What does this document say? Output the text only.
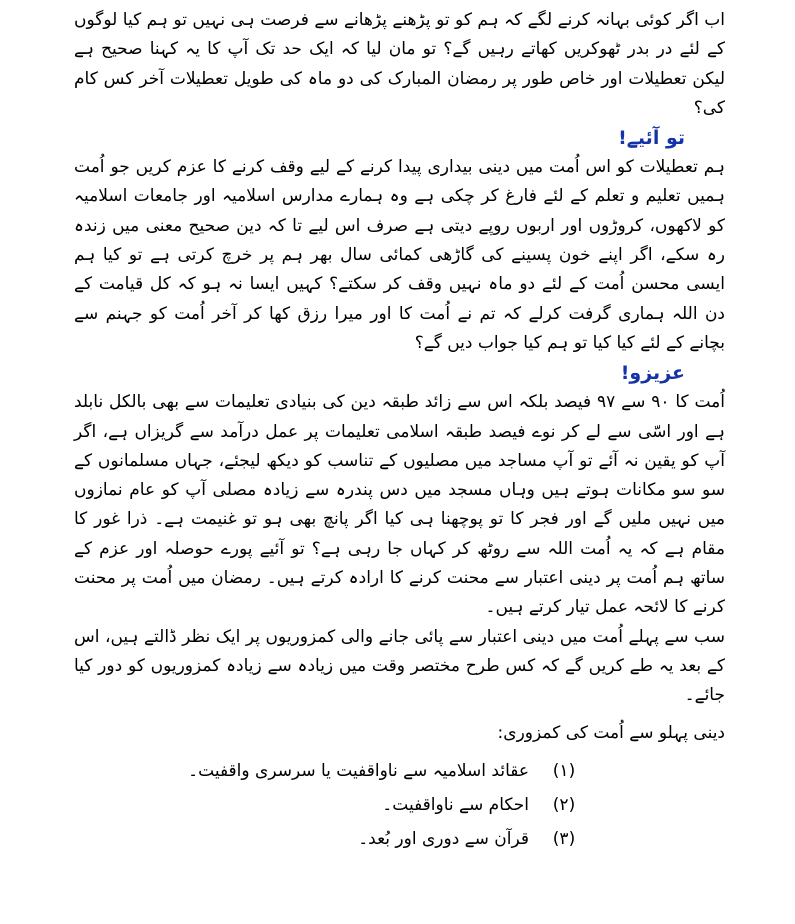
اب اگر کوئی بہانہ کرنے لگے کہ ہم کو تو پڑھنے پڑھانے سے فرصت ہی نہیں تو ہم کیا لوگوں کے لئے در بدر ٹھوکریں کھاتے رہیں گے؟ تو مان لیا کہ ایک حد تک آپ کا یہ کہنا صحیح ہے لیکن تعطیلات اور خاص طور پر رمضان المبارک کی دو ماہ کی طویل تعطیلات آخر کس کام کی؟

تو آئیے!

ہم تعطیلات کو اس اُمت میں دینی بیداری پیدا کرنے کے لیے وقف کرنے کا عزم کریں جو اُمت ہمیں تعلیم و تعلم کے لئے فارغ کر چکی ہے وہ ہمارے مدارس اسلامیہ اور جامعات اسلامیہ کو لاکھوں، کروڑوں اور اربوں روپے دیتی ہے صرف اس لیے تا کہ دین صحیح معنی میں زندہ رہ سکے، اگر اپنے خون پسینے کی گاڑھی کمائی سال بھر ہم پر خرچ کرتی ہے تو کیا ہم ایسی محسن اُمت کے لئے دو ماہ نہیں وقف کر سکتے؟ کہیں ایسا نہ ہو کہ کل قیامت کے دن اللہ ہماری گرفت کرلے کہ تم نے اُمت کا اور میرا رزق کھا کر آخر اُمت کو جہنم سے بچانے کے لئے کیا کیا تو ہم کیا جواب دیں گے؟

عزیزو!

اُمت کا ۹۰ سے ۹۷ فیصد بلکہ اس سے زائد طبقہ دین کی بنیادی تعلیمات سے بھی بالکل نابلد ہے اور اسّی سے لے کر نوے فیصد طبقہ اسلامی تعلیمات پر عمل درآمد سے گریزاں ہے، اگر آپ کو یقین نہ آئے تو آپ مساجد میں مصلیوں کے تناسب کو دیکھ لیجئے، جہاں مسلمانوں کے سو سو مکانات ہوتے ہیں وہاں مسجد میں دس پندرہ سے زیادہ مصلی آپ کو عام نمازوں میں نہیں ملیں گے اور فجر کا تو پوچھنا ہی کیا اگر پانچ بھی ہو تو غنیمت ہے۔ ذرا غور کا مقام ہے کہ یہ اُمت اللہ سے روٹھ کر کہاں جا رہی ہے؟ تو آئیے پورے حوصلہ اور عزم کے ساتھ ہم اُمت پر دینی اعتبار سے محنت کرنے کا ارادہ کرتے ہیں۔ رمضان میں اُمت پر محنت کرنے کا لائحہ عمل تیار کرتے ہیں۔

سب سے پہلے اُمت میں دینی اعتبار سے پائی جانے والی کمزوریوں پر ایک نظر ڈالتے ہیں، اس کے بعد یہ طے کریں گے کہ کس طرح مختصر وقت میں زیادہ سے زیادہ کمزوریوں کو دور کیا جائے۔

دینی پہلو سے اُمت کی کمزوری:
(۱)
عقائد اسلامیہ سے ناواقفیت یا سرسری واقفیت۔
(۲)
احکام سے ناواقفیت۔
(۳)
قرآن سے دوری اور بُعد۔
